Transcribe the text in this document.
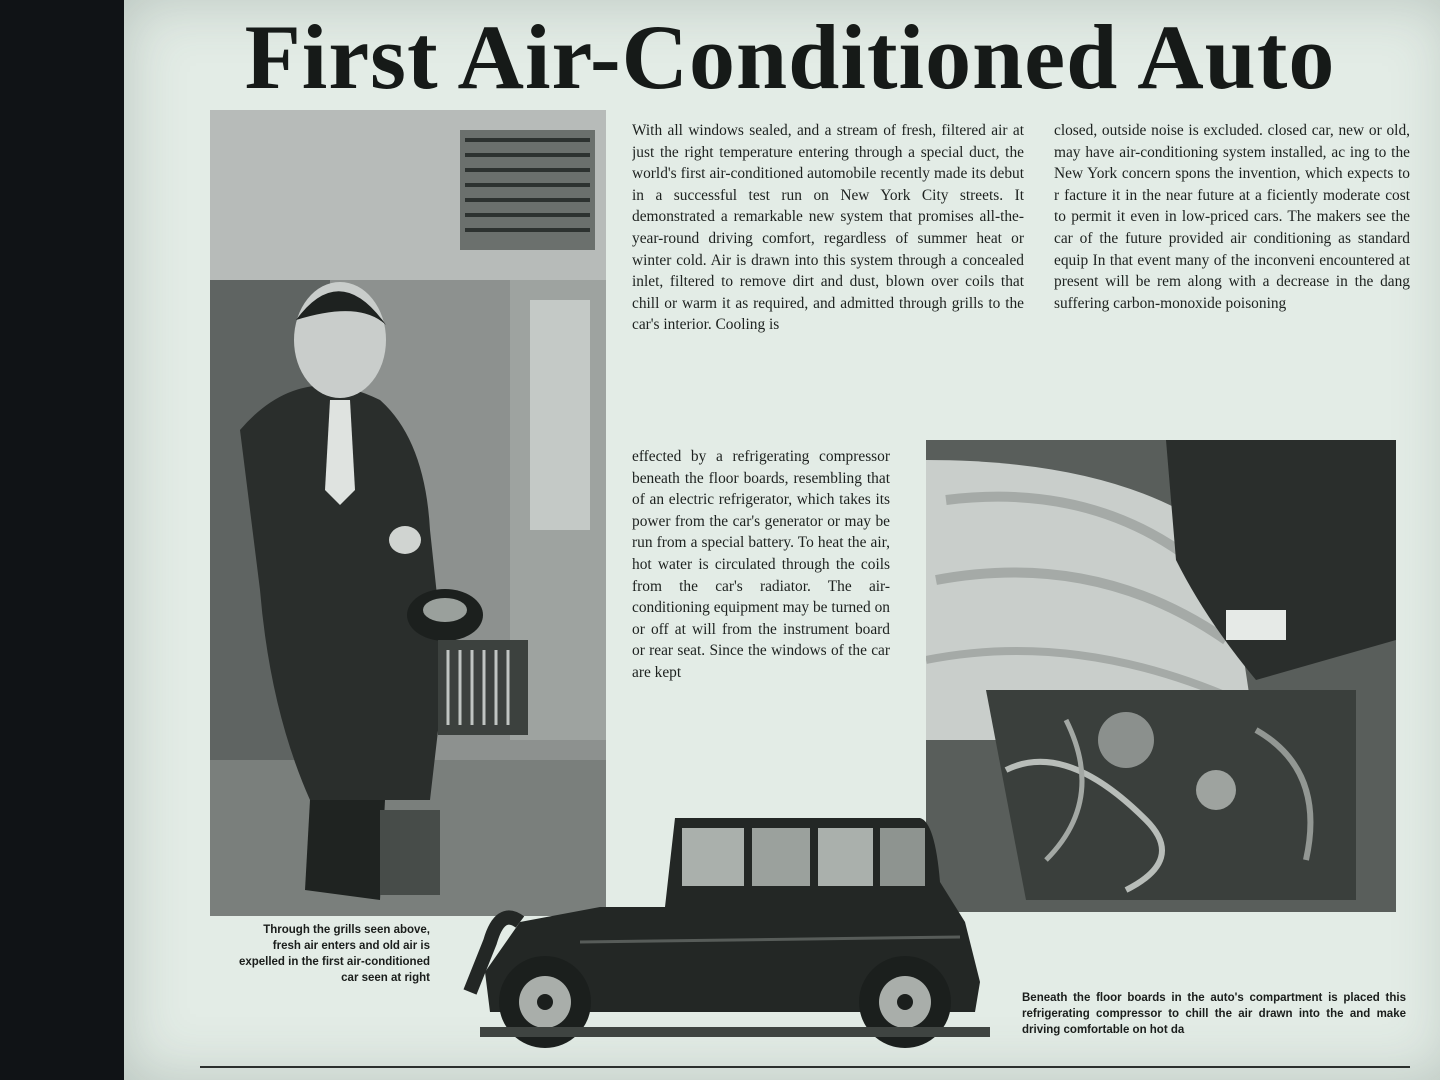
First Air-Conditioned Auto

With all windows sealed, and a stream of fresh, filtered air at just the right temperature entering through a special duct, the world's first air-conditioned automobile recently made its debut in a successful test run on New York City streets. It demonstrated a remarkable new system that promises all-the-year-round driving comfort, regardless of summer heat or winter cold. Air is drawn into this system through a concealed inlet, filtered to remove dirt and dust, blown over coils that chill or warm it as required, and admitted through grills to the car's interior. Cooling is

effected by a refrigerating compressor beneath the floor boards, resembling that of an electric refrigerator, which takes its power from the car's generator or may be run from a special battery. To heat the air, hot water is circulated through the coils from the car's radiator. The air-conditioning equipment may be turned on or off at will from the instrument board or rear seat. Since the windows of the car are kept

closed, outside noise is excluded. closed car, new or old, may have air-conditioning system installed, ac ing to the New York concern spons the invention, which expects to r facture it in the near future at a ficiently moderate cost to permit it even in low-priced cars. The makers see the car of the future provided air conditioning as standard equip In that event many of the inconveni encountered at present will be rem along with a decrease in the dang suffering carbon-monoxide poisoning

Through the grills seen above, fresh air enters and old air is expelled in the first air-conditioned car seen at right

Beneath the floor boards in the auto's compartment is placed this refrigerating compressor to chill the air drawn into the and make driving comfortable on hot da
